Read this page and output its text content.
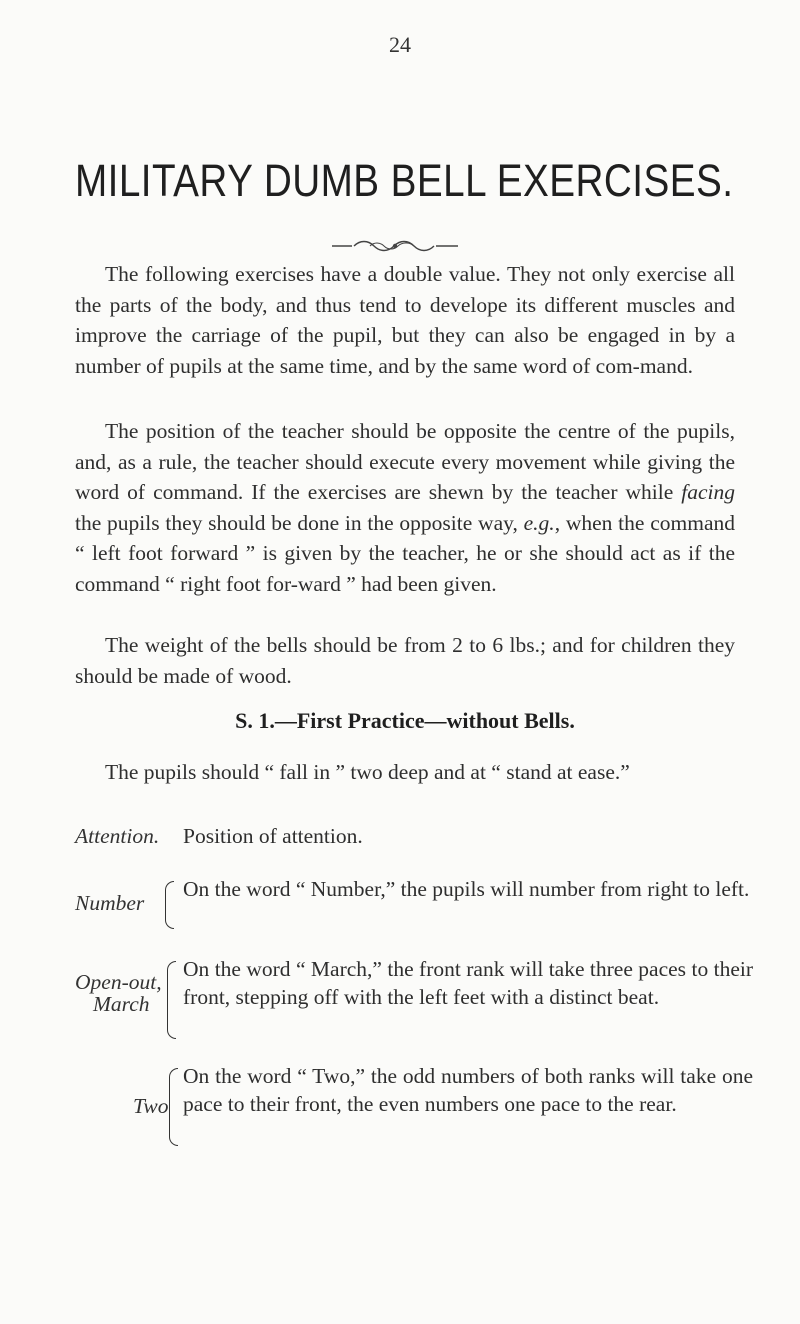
24
MILITARY DUMB BELL EXERCISES.

The following exercises have a double value. They not only exercise all the parts of the body, and thus tend to develope its different muscles and improve the carriage of the pupil, but they can also be engaged in by a number of pupils at the same time, and by the same word of com-mand.

The position of the teacher should be opposite the centre of the pupils, and, as a rule, the teacher should execute every movement while giving the word of command. If the exercises are shewn by the teacher while facing the pupils they should be done in the opposite way, e.g., when the command “ left foot forward ” is given by the teacher, he or she should act as if the command “ right foot for-ward ” had been given.

The weight of the bells should be from 2 to 6 lbs.; and for children they should be made of wood.

S. 1.—First Practice—without Bells.

The pupils should “ fall in ” two deep and at “ stand at ease.”

Attention. Position of attention.
Number
On the word “ Number,” the pupils will number from right to left.
Open-out,
March
On the word “ March,” the front rank will take three paces to their front, stepping off with the left feet with a distinct beat.
Two
On the word “ Two,” the odd numbers of both ranks will take one pace to their front, the even numbers one pace to the rear.
